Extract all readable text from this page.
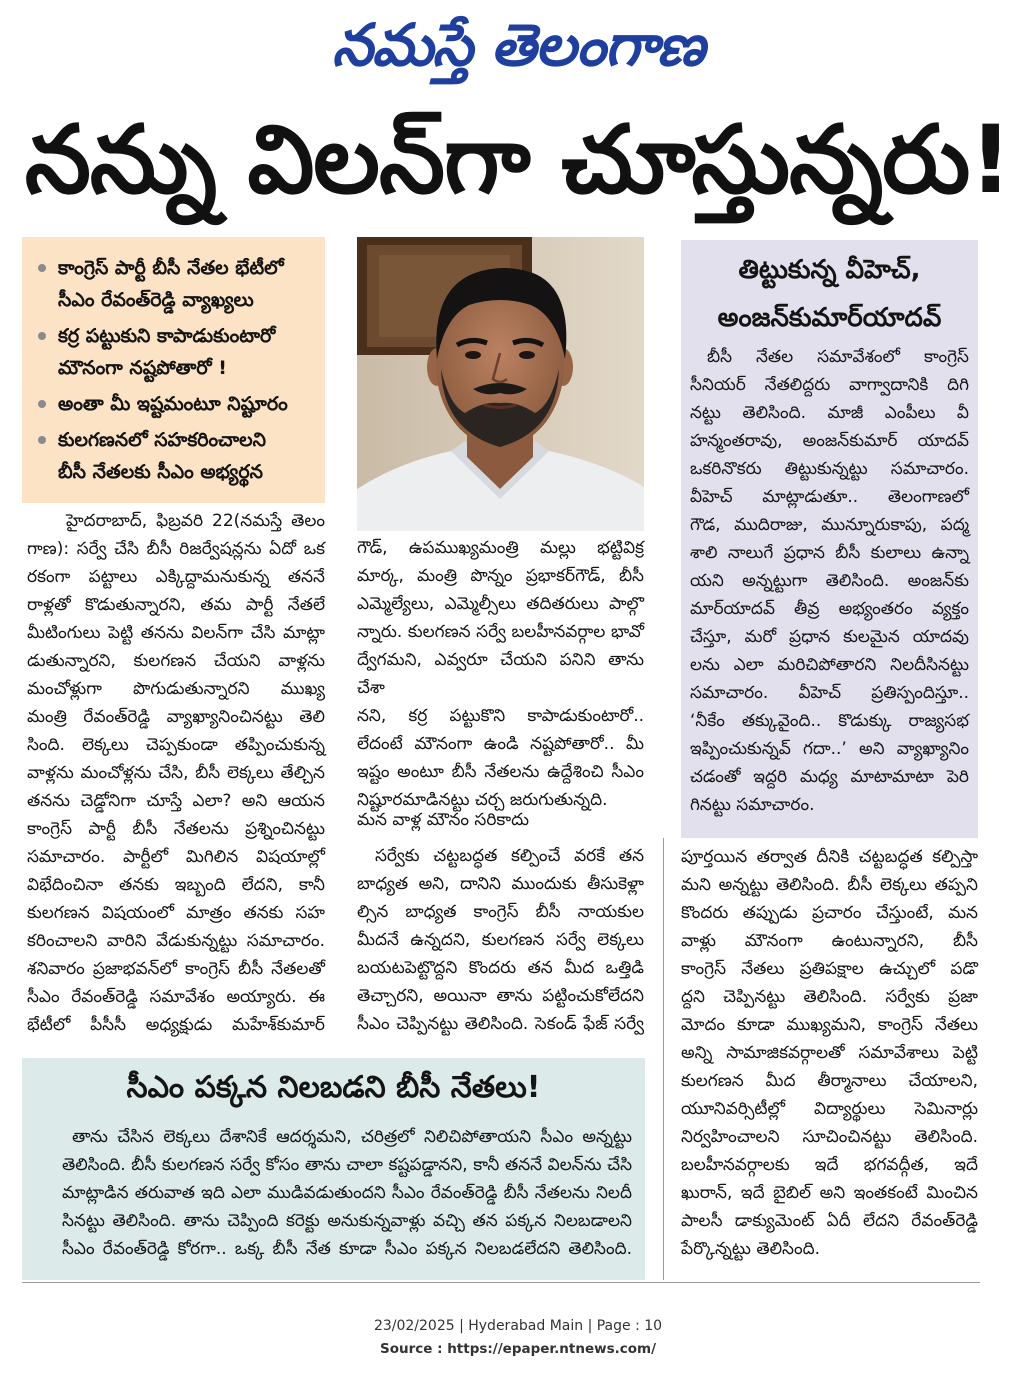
నమస్తే తెలంగాణ
నన్ను విలన్‌గా చూస్తున్నరు!
కాంగ్రెస్ పార్టీ బీసీ నేతల భేటీలో
సీఎం రేవంత్‌రెడ్డి వ్యాఖ్యలు
కర్ర పట్టుకుని కాపాడుకుంటారో
మౌనంగా నష్టపోతారో !
అంతా మీ ఇష్టమంటూ నిష్టూరం
కులగణనలో సహకరించాలని
బీసీ నేతలకు సీఎం అభ్యర్థన
హైదరాబాద్, ఫిబ్రవరి 22(నమస్తే తెలం
గాణ): సర్వే చేసి బీసీ రిజర్వేషన్లను ఏదో ఒక
రకంగా పట్టాలు ఎక్కిద్దామనుకున్న తననే
రాళ్లతో కొడుతున్నారని, తమ పార్టీ నేతలే
మీటింగులు పెట్టి తనను విలన్‌గా చేసి మాట్లా
డుతున్నారని, కులగణన చేయని వాళ్లను
మంచోళ్లుగా పొగుడుతున్నారని ముఖ్య
మంత్రి రేవంత్‌రెడ్డి వ్యాఖ్యానించినట్టు తెలి
సింది. లెక్కలు చెప్పకుండా తప్పించుకున్న
వాళ్లను మంచోళ్లను చేసి, బీసీ లెక్కలు తేల్చిన
తనను చెడ్డోనిగా చూస్తే ఎలా? అని ఆయన
కాంగ్రెస్ పార్టీ బీసీ నేతలను ప్రశ్నించినట్టు
సమాచారం. పార్టీలో మిగిలిన విషయాల్లో
విభేదించినా తనకు ఇబ్బంది లేదని, కానీ
కులగణన విషయంలో మాత్రం తనకు సహ
కరించాలని వారిని వేడుకున్నట్టు సమాచారం.
శనివారం ప్రజాభవన్‌లో కాంగ్రెస్ బీసీ నేతలతో
సీఎం రేవంత్‌రెడ్డి సమావేశం అయ్యారు. ఈ
భేటీలో పీసీసీ అధ్యక్షుడు మహేశ్‌కుమార్
గౌడ్, ఉపముఖ్యమంత్రి మల్లు భట్టివిక్ర
మార్క, మంత్రి పొన్నం ప్రభాకర్‌గౌడ్, బీసీ
ఎమ్మెల్యేలు, ఎమ్మెల్సీలు తదితరులు పాల్గొ
న్నారు. కులగణన సర్వే బలహీనవర్గాల భావో
ద్వేగమని, ఎవ్వరూ చేయని పనిని తాను చేశా
నని, కర్ర పట్టుకొని కాపాడుకుంటారో..
లేదంటే మౌనంగా ఉండి నష్టపోతారో.. మీ
ఇష్టం అంటూ బీసీ నేతలను ఉద్దేశించి సీఎం
నిష్టూరమాడినట్టు చర్చ జరుగుతున్నది.
మన వాళ్ల మౌనం సరికాదు
సర్వేకు చట్టబద్ధత కల్పించే వరకే తన
బాధ్యత అని, దానిని ముందుకు తీసుకెళ్లా
ల్సిన బాధ్యత కాంగ్రెస్ బీసీ నాయకుల
మీదనే ఉన్నదని, కులగణన సర్వే లెక్కలు
బయటపెట్టొద్దని కొందరు తన మీద ఒత్తిడి
తెచ్చారని, అయినా తాను పట్టించుకోలేదని
సీఎం చెప్పినట్టు తెలిసింది. సెకండ్ ఫేజ్ సర్వే
పూర్తయిన తర్వాత దీనికి చట్టబద్ధత కల్పిస్తా
మని అన్నట్టు తెలిసింది. బీసీ లెక్కలు తప్పని
కొందరు తప్పుడు ప్రచారం చేస్తుంటే, మన
వాళ్లు మౌనంగా ఉంటున్నారని, బీసీ
కాంగ్రెస్ నేతలు ప్రతిపక్షాల ఉచ్చులో పడొ
ద్దని చెప్పినట్టు తెలిసింది. సర్వేకు ప్రజా
మోదం కూడా ముఖ్యమని, కాంగ్రెస్ నేతలు
అన్ని సామాజికవర్గాలతో సమావేశాలు పెట్టి
కులగణన మీద తీర్మానాలు చేయాలని,
యూనివర్సిటీల్లో విద్యార్థులు సెమినార్లు
నిర్వహించాలని సూచించినట్టు తెలిసింది.
బలహీనవర్గాలకు ఇదే భగవద్గీత, ఇదే
ఖురాన్, ఇదే బైబిల్ అని ఇంతకంటే మించిన
పాలసీ డాక్యుమెంట్ ఏదీ లేదని రేవంత్‌రెడ్డి
పేర్కొన్నట్టు తెలిసింది.
తిట్టుకున్న వీహెచ్,
అంజన్‌కుమార్‌యాదవ్
బీసీ నేతల సమావేశంలో కాంగ్రెస్
సీనియర్ నేతలిద్దరు వాగ్వాదానికి దిగి
నట్టు తెలిసింది. మాజీ ఎంపీలు వీ
హన్మంతరావు, అంజన్‌కుమార్ యాదవ్
ఒకరినొకరు తిట్టుకున్నట్టు సమాచారం.
వీహెచ్ మాట్లాడుతూ.. తెలంగాణలో
గౌడ, ముదిరాజు, మున్నూరుకాపు, పద్మ
శాలి నాలుగే ప్రధాన బీసీ కులాలు ఉన్నా
యని అన్నట్టుగా తెలిసింది. అంజన్‌కు
మార్‌యాదవ్ తీవ్ర అభ్యంతరం వ్యక్తం
చేస్తూ, మరో ప్రధాన కులమైన యాదవు
లను ఎలా మరిచిపోతారని నిలదీసినట్టు
సమాచారం. వీహెచ్ ప్రతిస్పందిస్తూ..
‘నీకేం తక్కువైంది.. కొడుక్కు రాజ్యసభ
ఇప్పించుకున్నవ్ గదా..’ అని వ్యాఖ్యానిం
చడంతో ఇద్దరి మధ్య మాటామాటా పెరి
గినట్టు సమాచారం.
సీఎం పక్కన నిలబడని బీసీ నేతలు!
తాను చేసిన లెక్కలు దేశానికే ఆదర్శమని, చరిత్రలో నిలిచిపోతాయని సీఎం అన్నట్టు
తెలిసింది. బీసీ కులగణన సర్వే కోసం తాను చాలా కష్టపడ్డానని, కానీ తననే విలన్‌ను చేసి
మాట్లాడిన తరువాత ఇది ఎలా ముడివడుతుందని సీఎం రేవంత్‌రెడ్డి బీసీ నేతలను నిలదీ
సినట్టు తెలిసింది. తాను చెప్పింది కరెక్టు అనుకున్నవాళ్లు వచ్చి తన పక్కన నిలబడాలని
సీఎం రేవంత్‌రెడ్డి కోరగా.. ఒక్క బీసీ నేత కూడా సీఎం పక్కన నిలబడలేదని తెలిసింది.
23/02/2025 | Hyderabad Main | Page : 10
Source : https://epaper.ntnews.com/
